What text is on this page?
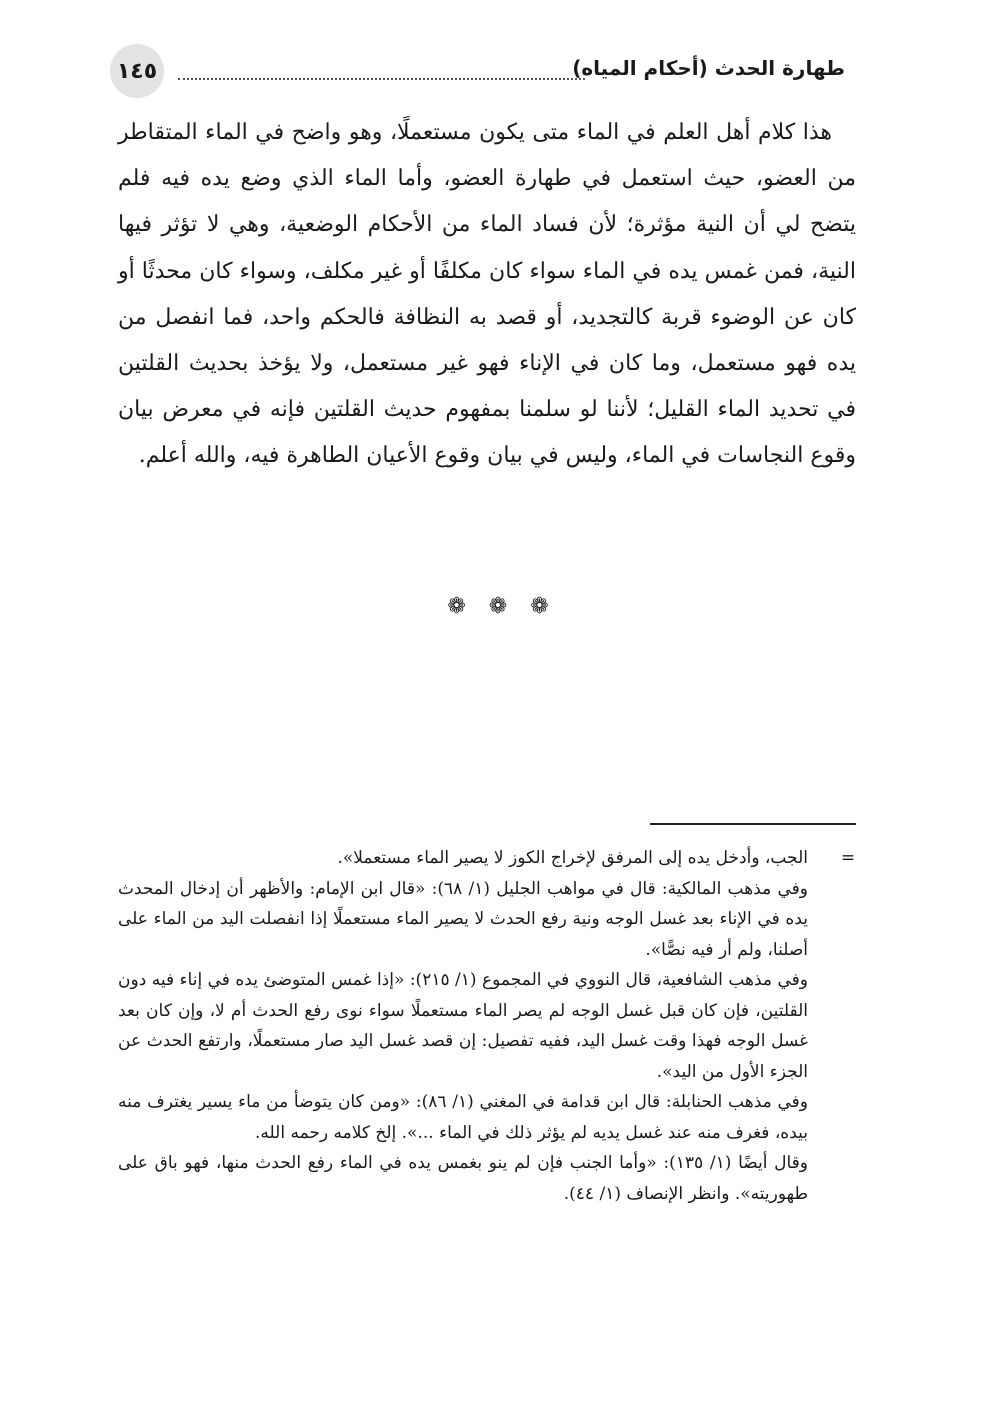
١٤٥	طهارة الحدث (أحكام المياه)

هذا كلام أهل العلم في الماء متى يكون مستعملًا، وهو واضح في الماء المتقاطر من العضو، حيث استعمل في طهارة العضو، وأما الماء الذي وضع يده فيه فلم يتضح لي أن النية مؤثرة؛ لأن فساد الماء من الأحكام الوضعية، وهي لا تؤثر فيها النية، فمن غمس يده في الماء سواء كان مكلفًا أو غير مكلف، وسواء كان محدثًا أو كان عن الوضوء قربة كالتجديد، أو قصد به النظافة فالحكم واحد، فما انفصل من يده فهو مستعمل، وما كان في الإناء فهو غير مستعمل، ولا يؤخذ بحديث القلتين في تحديد الماء القليل؛ لأننا لو سلمنا بمفهوم حديث القلتين فإنه في معرض بيان وقوع النجاسات في الماء، وليس في بيان وقوع الأعيان الطاهرة فيه، والله أعلم.

❁ ❁ ❁
=

الجب، وأدخل يده إلى المرفق لإخراج الكوز لا يصير الماء مستعملا».

وفي مذهب المالكية: قال في مواهب الجليل (١/ ٦٨): «قال ابن الإمام: والأظهر أن إدخال المحدث يده في الإناء بعد غسل الوجه ونية رفع الحدث لا يصير الماء مستعملًا إذا انفصلت اليد من الماء على أصلنا، ولم أر فيه نصًّا».

وفي مذهب الشافعية، قال النووي في المجموع (١/ ٢١٥): «إذا غمس المتوضئ يده في إناء فيه دون القلتين، فإن كان قبل غسل الوجه لم يصر الماء مستعملًا سواء نوى رفع الحدث أم لا، وإن كان بعد غسل الوجه فهذا وقت غسل اليد، ففيه تفصيل: إن قصد غسل اليد صار مستعملًا، وارتفع الحدث عن الجزء الأول من اليد».

وفي مذهب الحنابلة: قال ابن قدامة في المغني (١/ ٨٦): «ومن كان يتوضأ من ماء يسير يغترف منه بيده، فغرف منه عند غسل يديه لم يؤثر ذلك في الماء ...». إلخ كلامه رحمه الله.

وقال أيضًا (١/ ١٣٥): «وأما الجنب فإن لم ينو بغمس يده في الماء رفع الحدث منها، فهو باق على طهوريته». وانظر الإنصاف (١/ ٤٤).
